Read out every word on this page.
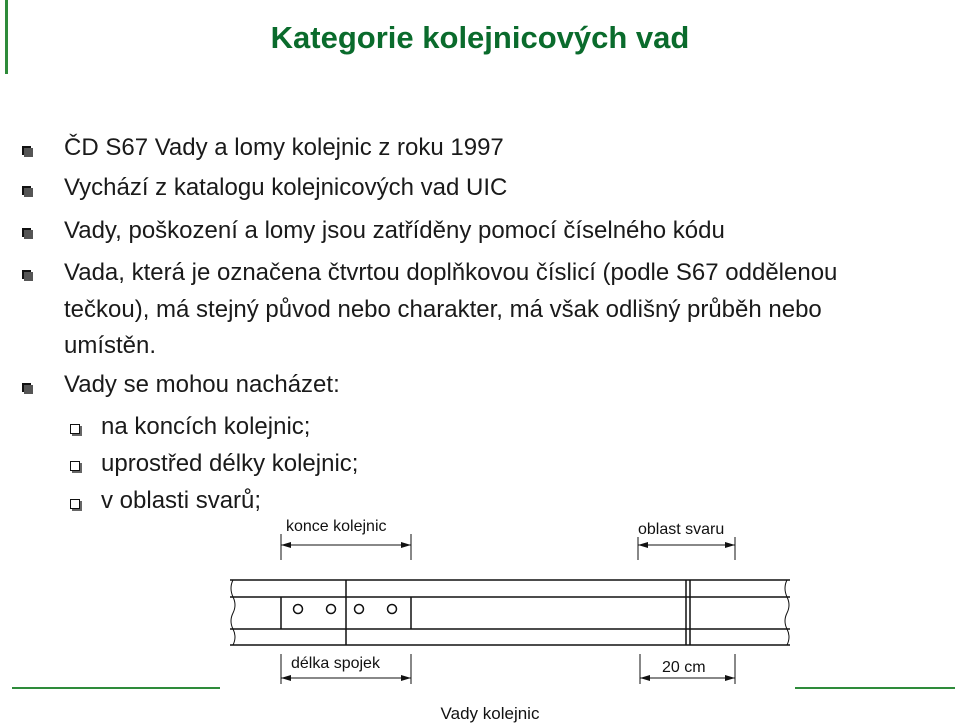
Kategorie kolejnicových vad
ČD S67 Vady a lomy kolejnic z roku 1997
Vychází z katalogu kolejnicových vad UIC
Vady, poškození a lomy jsou zatříděny pomocí číselného kódu
Vada, která je označena čtvrtou doplňkovou číslicí (podle S67 oddělenou tečkou), má stejný původ nebo charakter, má však odlišný průběh nebo umístěn.
Vady se mohou nacházet:
na koncích kolejnic;
uprostřed délky kolejnic;
v oblasti svarů;
konce kolejnic	oblast svaru
délka spojek	20 cm
Vady kolejnic
